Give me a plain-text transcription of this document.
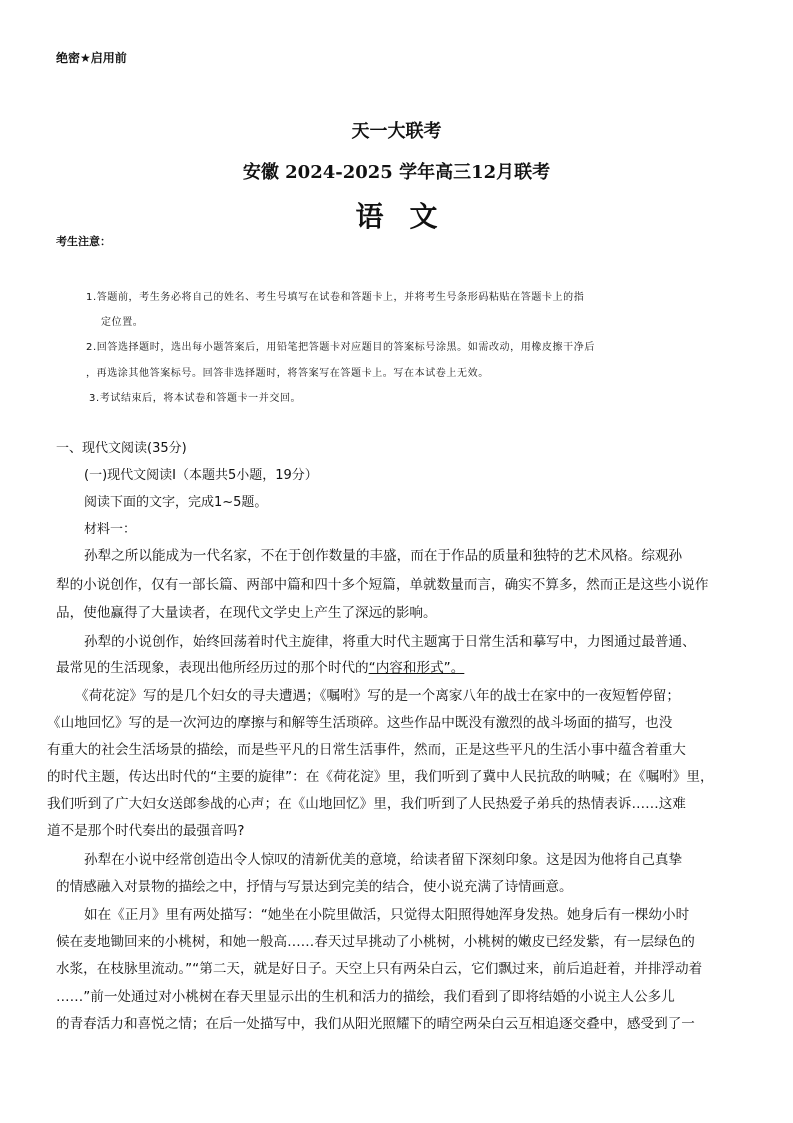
绝密★启用前
天一大联考
安徽 2024-2025 学年高三12月联考
语文
考生注意：
1.答题前，考生务必将自己的姓名、考生号填写在试卷和答题卡上，并将考生号条形码粘贴在答题卡上的指
定位置。
2.回答选择题时，选出每小题答案后，用铅笔把答题卡对应题目的答案标号涂黑。如需改动，用橡皮擦干净后
，再选涂其他答案标号。回答非选择题时，将答案写在答题卡上。写在本试卷上无效。
3.考试结束后，将本试卷和答题卡一并交回。
一、现代文阅读(35分)
(一)现代文阅读Ⅰ（本题共5小题，19分）
阅读下面的文字，完成1~5题。
材料一：
孙犁之所以能成为一代名家，不在于创作数量的丰盛，而在于作品的质量和独特的艺术风格。综观孙
犁的小说创作，仅有一部长篇、两部中篇和四十多个短篇，单就数量而言，确实不算多，然而正是这些小说作
品，使他赢得了大量读者，在现代文学史上产生了深远的影响。
孙犁的小说创作，始终回荡着时代主旋律，将重大时代主题寓于日常生活和摹写中，力图通过最普通、
最常见的生活现象，表现出他所经历过的那个时代的“内容和形式”。
《荷花淀》写的是几个妇女的寻夫遭遇；《嘱咐》写的是一个离家八年的战士在家中的一夜短暂停留；
《山地回忆》写的是一次河边的摩擦与和解等生活琐碎。这些作品中既没有激烈的战斗场面的描写，也没
有重大的社会生活场景的描绘，而是些平凡的日常生活事件，然而，正是这些平凡的生活小事中蕴含着重大
的时代主题，传达出时代的“主要的旋律”：在《荷花淀》里，我们听到了冀中人民抗敌的呐喊；在《嘱咐》里，
我们听到了广大妇女送郎参战的心声；在《山地回忆》里，我们听到了人民热爱子弟兵的热情表诉……这难
道不是那个时代奏出的最强音吗?
孙犁在小说中经常创造出令人惊叹的清新优美的意境，给读者留下深刻印象。这是因为他将自己真挚
的情感融入对景物的描绘之中，抒情与写景达到完美的结合，使小说充满了诗情画意。
如在《正月》里有两处描写：“她坐在小院里做活，只觉得太阳照得她浑身发热。她身后有一棵幼小时
候在麦地锄回来的小桃树，和她一般高……春天过早挑动了小桃树，小桃树的嫩皮已经发紫，有一层绿色的
水浆，在枝脉里流动。”“第二天，就是好日子。天空上只有两朵白云，它们飘过来，前后追赶着，并排浮动着
……”前一处通过对小桃树在春天里显示出的生机和活力的描绘，我们看到了即将结婚的小说主人公多儿
的青春活力和喜悦之情；在后一处描写中，我们从阳光照耀下的晴空两朵白云互相追逐交叠中，感受到了一
